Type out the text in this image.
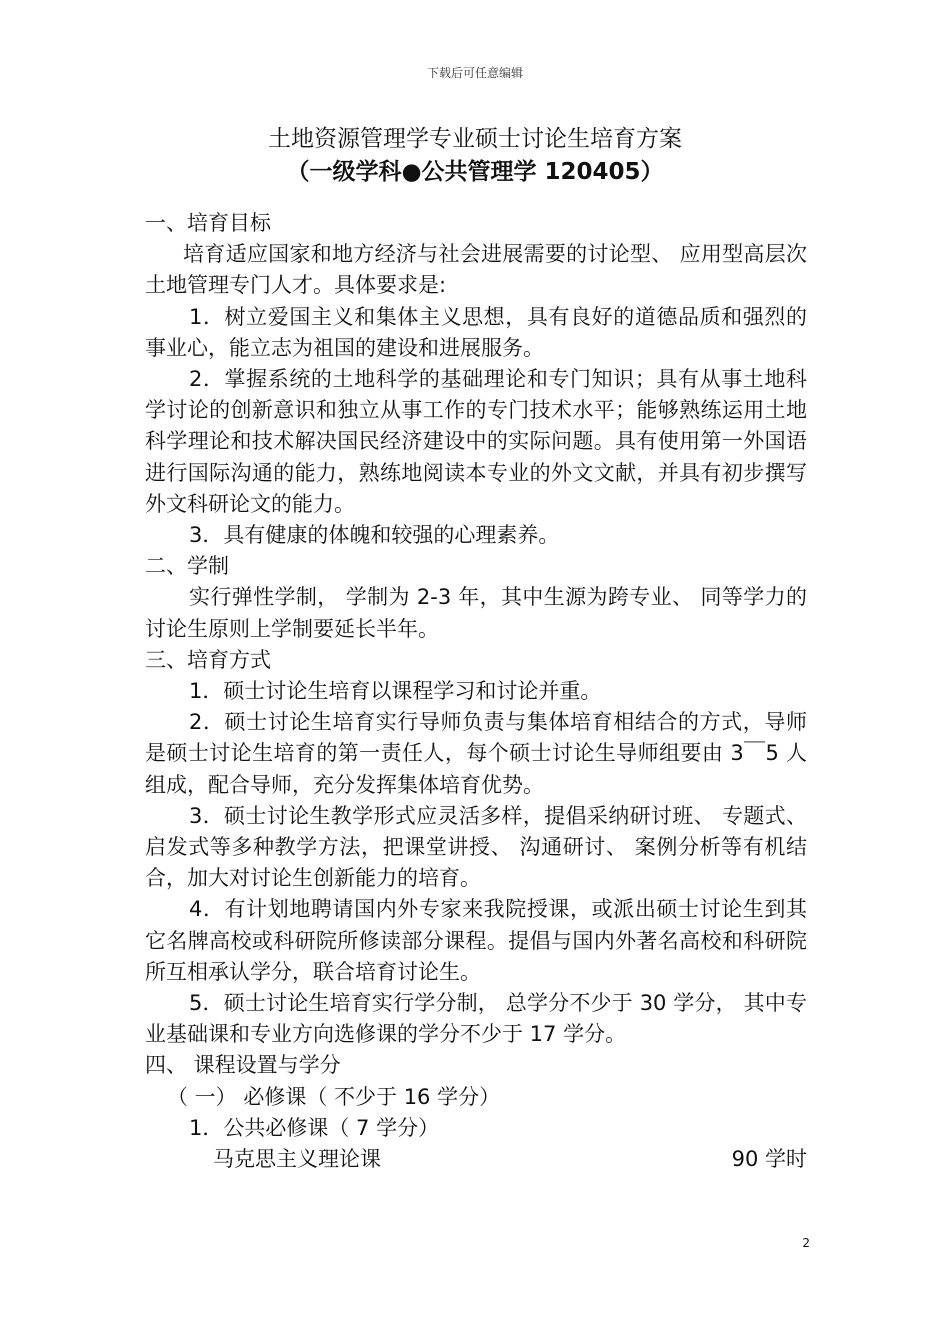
下载后可任意编辑
土地资源管理学专业硕士讨论生培育方案
（一级学科●公共管理学 120405）

一、培育目标

培育适应国家和地方经济与社会进展需要的讨论型、 应用型高层次土地管理专门人才。具体要求是:

1．树立爱国主义和集体主义思想，具有良好的道德品质和强烈的事业心，能立志为祖国的建设和进展服务。

2．掌握系统的土地科学的基础理论和专门知识；具有从事土地科学讨论的创新意识和独立从事工作的专门技术水平；能够熟练运用土地科学理论和技术解决国民经济建设中的实际问题。具有使用第一外国语进行国际沟通的能力，熟练地阅读本专业的外文文献，并具有初步撰写外文科研论文的能力。

3．具有健康的体魄和较强的心理素养。

二、学制

实行弹性学制， 学制为 2-3 年，其中生源为跨专业、 同等学力的讨论生原则上学制要延长半年。

三、培育方式

1．硕士讨论生培育以课程学习和讨论并重。

2．硕士讨论生培育实行导师负责与集体培育相结合的方式，导师是硕士讨论生培育的第一责任人，每个硕士讨论生导师组要由 3￣5 人组成，配合导师，充分发挥集体培育优势。

3．硕士讨论生教学形式应灵活多样，提倡采纳研讨班、 专题式、 启发式等多种教学方法，把课堂讲授、 沟通研讨、 案例分析等有机结合，加大对讨论生创新能力的培育。

4．有计划地聘请国内外专家来我院授课，或派出硕士讨论生到其它名牌高校或科研院所修读部分课程。提倡与国内外著名高校和科研院所互相承认学分，联合培育讨论生。

5．硕士讨论生培育实行学分制， 总学分不少于 30 学分， 其中专业基础课和专业方向选修课的学分不少于 17 学分。

四、 课程设置与学分

（ 一） 必修课（ 不少于 16 学分）

1．公共必修课（ 7 学分）

马克思主义理论课	90 学时
2
